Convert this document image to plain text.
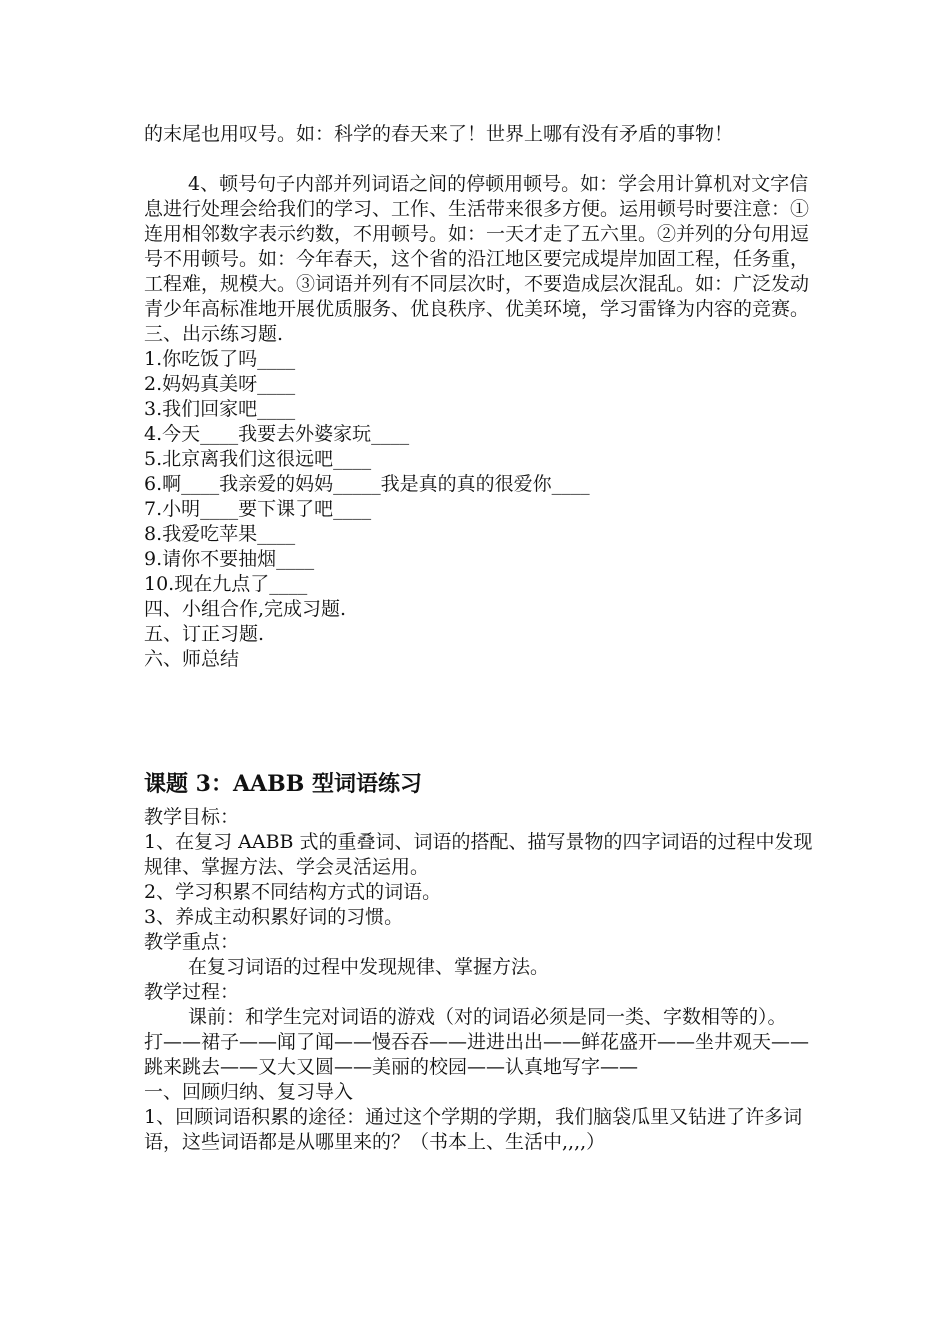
的末尾也用叹号。如：科学的春天来了！世界上哪有没有矛盾的事物！

4、顿号句子内部并列词语之间的停顿用顿号。如：学会用计算机对文字信息进行处理会给我们的学习、工作、生活带来很多方便。运用顿号时要注意：①连用相邻数字表示约数，不用顿号。如：一天才走了五六里。②并列的分句用逗号不用顿号。如：今年春天，这个省的沿江地区要完成堤岸加固工程，任务重，工程难，规模大。③词语并列有不同层次时，不要造成层次混乱。如：广泛发动青少年高标准地开展优质服务、优良秩序、优美环境，学习雷锋为内容的竞赛。

三、出示练习题.

1.你吃饭了吗____

2.妈妈真美呀____

3.我们回家吧____

4.今天____我要去外婆家玩____

5.北京离我们这很远吧____

6.啊____我亲爱的妈妈_____我是真的真的很爱你____

7.小明____要下课了吧____

8.我爱吃苹果____

9.请你不要抽烟____

10.现在九点了____

四、小组合作,完成习题.

五、订正习题.

六、师总结

课题 3：AABB 型词语练习

教学目标：

1、在复习 AABB 式的重叠词、词语的搭配、描写景物的四字词语的过程中发现规律、掌握方法、学会灵活运用。

2、学习积累不同结构方式的词语。

3、养成主动积累好词的习惯。

教学重点：

在复习词语的过程中发现规律、掌握方法。

教学过程：

课前：和学生完对词语的游戏（对的词语必须是同一类、字数相等的）。

打——裙子——闻了闻——慢吞吞——进进出出——鲜花盛开——坐井观天——跳来跳去——又大又圆——美丽的校园——认真地写字——

一、回顾归纳、复习导入

1、回顾词语积累的途径：通过这个学期的学期，我们脑袋瓜里又钻进了许多词语，这些词语都是从哪里来的？（书本上、生活中,,,,）
